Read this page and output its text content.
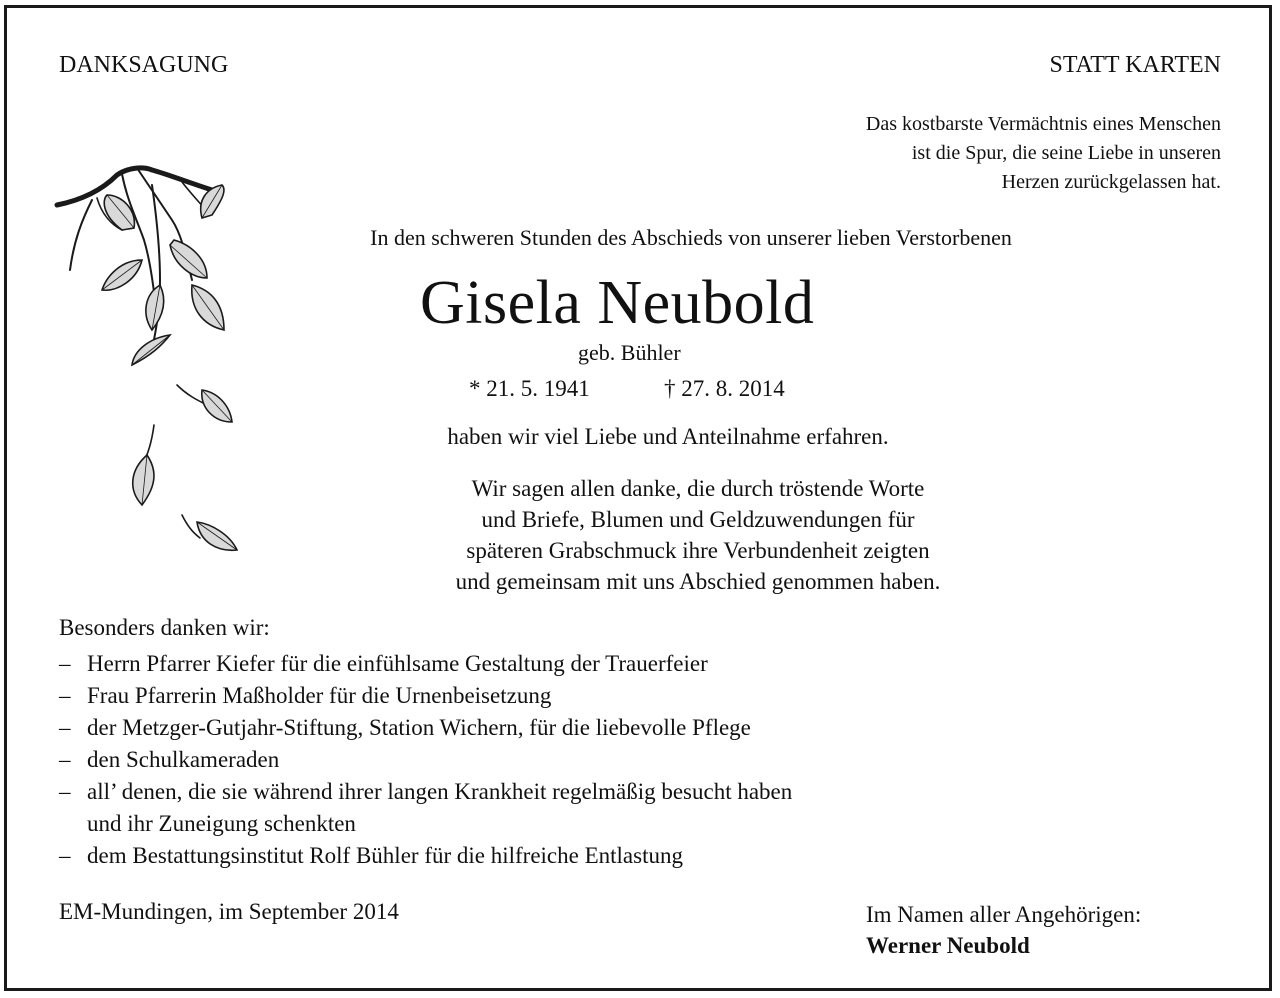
DANKSAGUNG	STATT KARTEN
Das kostbarste Vermächtnis eines Menschen
ist die Spur, die seine Liebe in unseren
Herzen zurückgelassen hat.
In den schweren Stunden des Abschieds von unserer lieben Verstorbenen
Gisela Neubold
geb. Bühler
* 21. 5. 1941	† 27. 8. 2014
haben wir viel Liebe und Anteilnahme erfahren.
Wir sagen allen danke, die durch tröstende Worte
und Briefe, Blumen und Geldzuwendungen für
späteren Grabschmuck ihre Verbundenheit zeigten
und gemeinsam mit uns Abschied genommen haben.
Besonders danken wir:
– Herrn Pfarrer Kiefer für die einfühlsame Gestaltung der Trauerfeier
– Frau Pfarrerin Maßholder für die Urnenbeisetzung
– der Metzger-Gutjahr-Stiftung, Station Wichern, für die liebevolle Pflege
– den Schulkameraden
– all’ denen, die sie während ihrer langen Krankheit regelmäßig besucht haben
und ihr Zuneigung schenkten
– dem Bestattungsinstitut Rolf Bühler für die hilfreiche Entlastung
EM-Mundingen, im September 2014	Im Namen aller Angehörigen:
Werner Neubold
